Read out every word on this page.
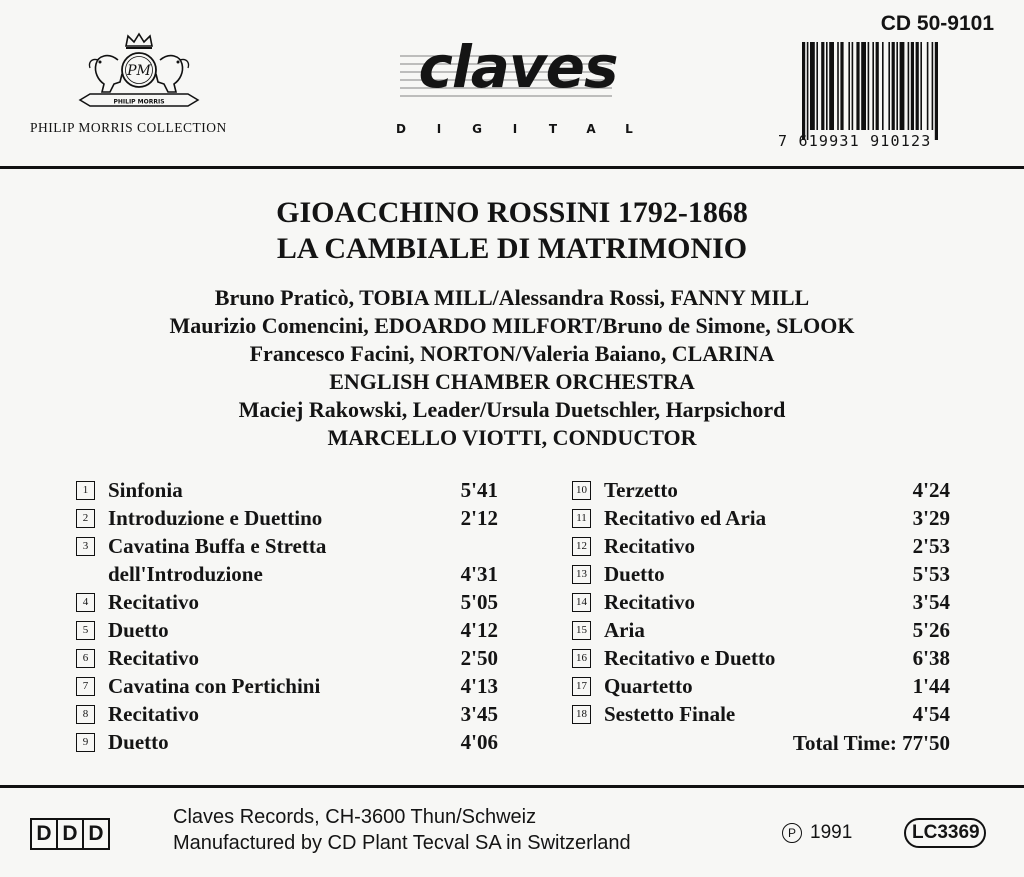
PM
PHILIP MORRIS
PHILIP MORRIS COLLECTION
claves
D	I	G	I	T A L
CD 50-9101
7 619931 910123
GIOACCHINO ROSSINI 1792-1868
LA CAMBIALE DI MATRIMONIO
Bruno Praticò, TOBIA MILL/Alessandra Rossi, FANNY MILL
Maurizio Comencini, EDOARDO MILFORT/Bruno de Simone, SLOOK
Francesco Facini, NORTON/Valeria Baiano, CLARINA
ENGLISH CHAMBER ORCHESTRA
Maciej Rakowski, Leader/Ursula Duetschler, Harpsichord
MARCELLO VIOTTI, CONDUCTOR
1 Sinfonia	5'41
2 Introduzione e Duettino	2'12
3 Cavatina Buffa e Stretta
dell'Introduzione	4'31
4 Recitativo	5'05
5 Duetto	4'12
6 Recitativo	2'50
7 Cavatina con Pertichini	4'13
8 Recitativo	3'45
9 Duetto	4'06
10 Terzetto	4'24
11 Recitativo ed Aria	3'29
12 Recitativo	2'53
13 Duetto	5'53
14 Recitativo	3'54
15 Aria	5'26
16 Recitativo e Duetto	6'38
17 Quartetto	1'44
18 Sestetto Finale	4'54
Total Time: 77'50
D D D
Claves Records, CH-3600 Thun/Schweiz
Manufactured by CD Plant Tecval SA in Switzerland	P 1991	LC3369
